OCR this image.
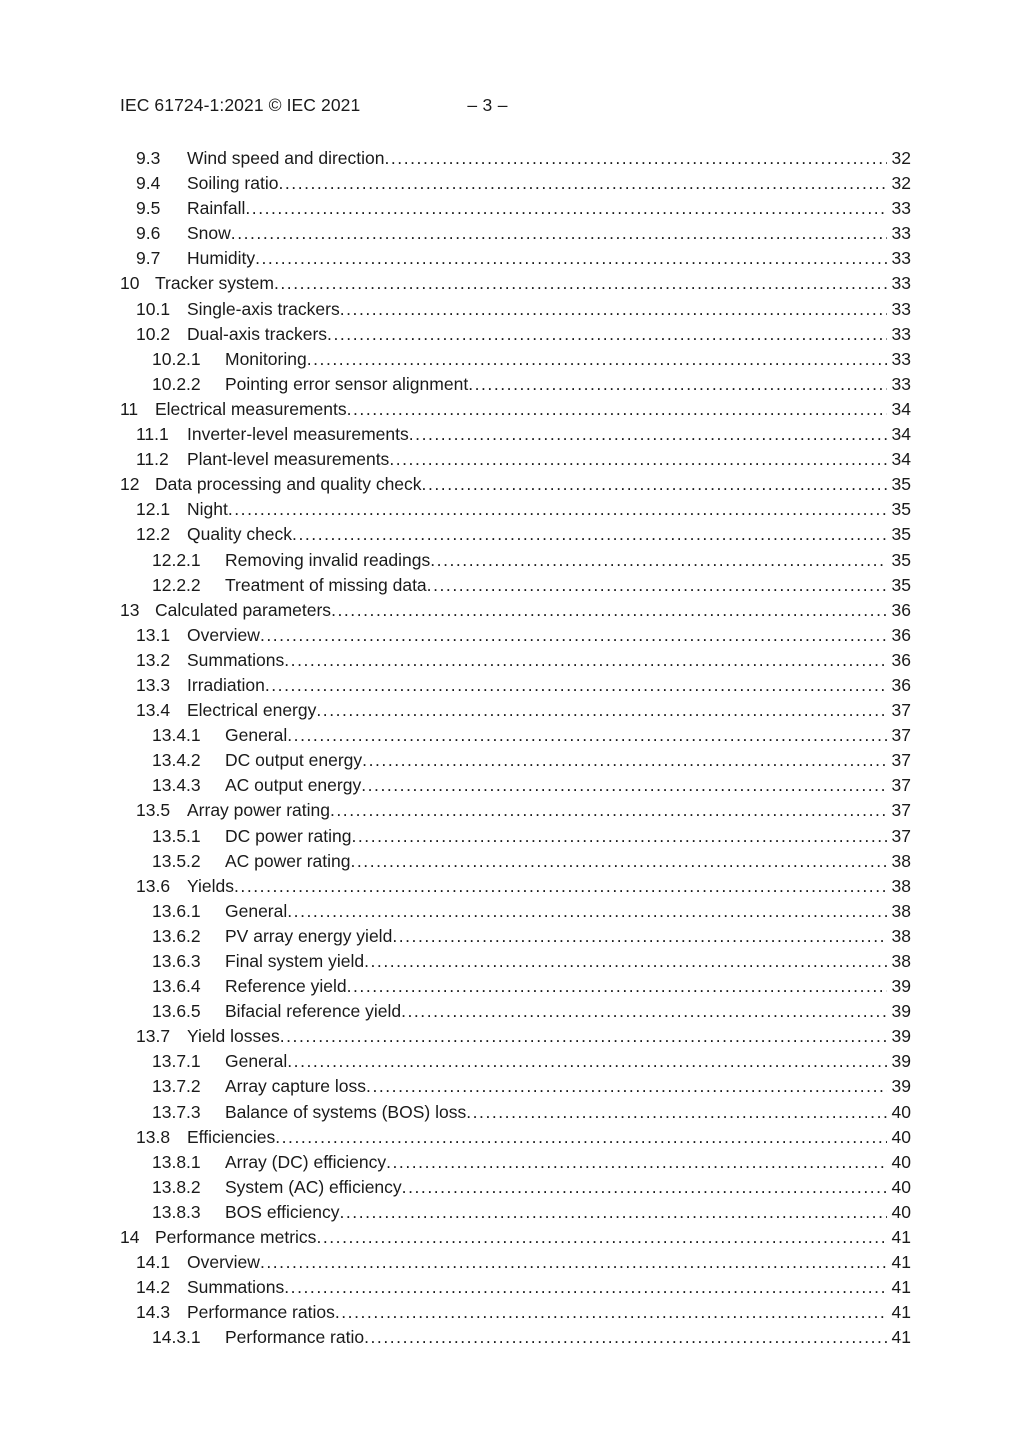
IEC 61724-1:2021 © IEC 2021	– 3 –
9.3	Wind speed and direction .....	32
9.4	Soiling ratio .....	32
9.5	Rainfall .....	33
9.6	Snow .....	33
9.7	Humidity .....	33
10 Tracker system .....	33
10.1 Single-axis trackers .....	33
10.2 Dual-axis trackers .....	33
10.2.1	Monitoring .....	33
10.2.2	Pointing error sensor alignment .....	33
11 Electrical measurements .....	34
11.1	Inverter-level measurements .....	34
11.2	Plant-level measurements .....	34
12 Data processing and quality check .....	35
12.1 Night .....	35
12.2 Quality check .....	35
12.2.1	Removing invalid readings .....	35
12.2.2	Treatment of missing data .....	35
13 Calculated parameters .....	36
13.1 Overview .....	36
13.2 Summations .....	36
13.3 Irradiation .....	36
13.4 Electrical energy .....	37
13.4.1	General .....	37
13.4.2	DC output energy .....	37
13.4.3	AC output energy .....	37
13.5 Array power rating .....	37
13.5.1	DC power rating .....	37
13.5.2	AC power rating .....	38
13.6 Yields .....	38
13.6.1	General .....	38
13.6.2	PV array energy yield .....	38
13.6.3	Final system yield .....	38
13.6.4	Reference yield .....	39
13.6.5	Bifacial reference yield .....	39
13.7 Yield losses .....	39
13.7.1	General .....	39
13.7.2	Array capture loss .....	39
13.7.3	Balance of systems (BOS) loss .....	40
13.8 Efficiencies .....	40
13.8.1	Array (DC) efficiency .....	40
13.8.2	System (AC) efficiency .....	40
13.8.3	BOS efficiency .....	40
14 Performance metrics .....	41
14.1 Overview .....	41
14.2 Summations .....	41
14.3 Performance ratios .....	41
14.3.1	Performance ratio .....	41
